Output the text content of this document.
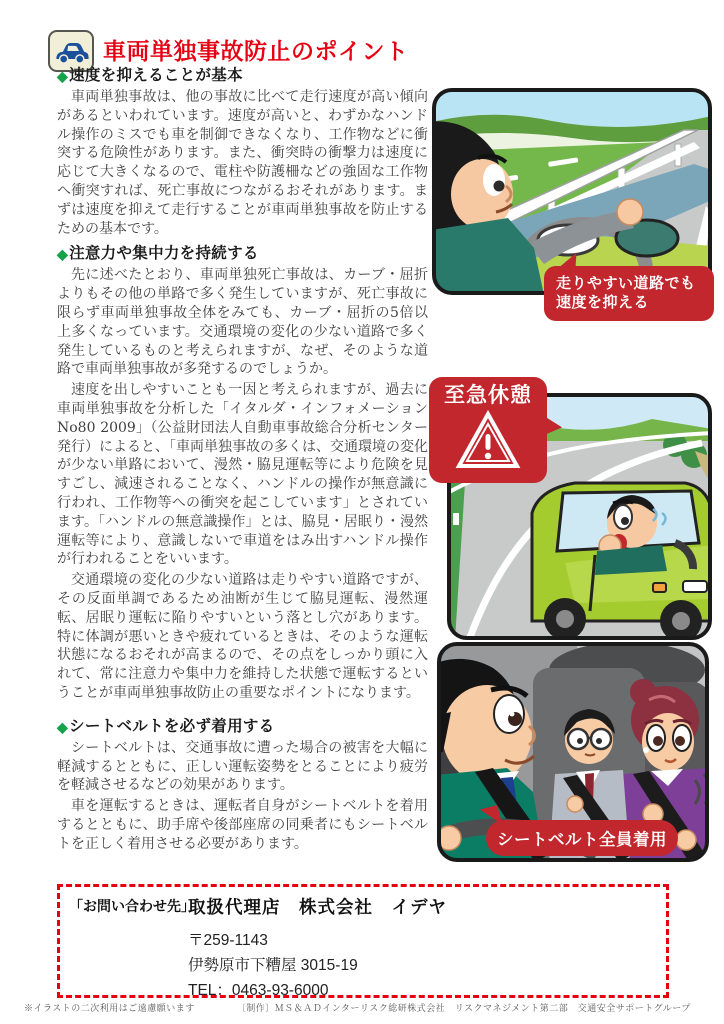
車両単独事故防止のポイント
◆ 速度を抑えることが基本

車両単独事故は、他の事故に比べて走行速度が高い傾向があるといわれています。速度が高いと、わずかなハンドル操作のミスでも車を制御できなくなり、工作物などに衝突する危険性があります。また、衝突時の衝撃力は速度に応じて大きくなるので、電柱や防護柵などの強固な工作物へ衝突すれば、死亡事故につながるおそれがあります。まずは速度を抑えて走行することが車両単独事故を防止するための基本です。

◆ 注意力や集中力を持続する

先に述べたとおり、車両単独死亡事故は、カーブ・屈折よりもその他の単路で多く発生していますが、死亡事故に限らず車両単独事故全体をみても、カーブ・屈折の5倍以上多くなっています。交通環境の変化の少ない道路で多く発生しているものと考えられますが、なぜ、そのような道路で車両単独事故が多発するのでしょうか。

速度を出しやすいことも一因と考えられますが、過去に車両単独事故を分析した「イタルダ・インフォメーションNo80 2009」（公益財団法人自動車事故総合分析センター発行）によると、「車両単独事故の多くは、交通環境の変化が少ない単路において、漫然・脇見運転等により危険を見すごし、減速されることなく、ハンドルの操作が無意識に行われ、工作物等への衝突を起こしています」とされています。「ハンドルの無意識操作」とは、脇見・居眠り・漫然運転等により、意識しないで車道をはみ出すハンドル操作が行われることをいいます。

交通環境の変化の少ない道路は走りやすい道路ですが、その反面単調であるため油断が生じて脇見運転、漫然運転、居眠り運転に陥りやすいという落とし穴があります。特に体調が悪いときや疲れているときは、そのような運転状態になるおそれが高まるので、その点をしっかり頭に入れて、常に注意力や集中力を維持した状態で運転するということが車両単独事故防止の重要なポイントになります。

◆ シートベルトを必ず着用する

シートベルトは、交通事故に遭った場合の被害を大幅に軽減するとともに、正しい運転姿勢をとることにより疲労を軽減させるなどの効果があります。

車を運転するときは、運転者自身がシートベルトを着用するとともに、助手席や後部座席の同乗者にもシートベルトを正しく着用させる必要があります。

走りやすい道路でも
速度を抑える
至急休憩
シートベルト全員着用
「お問い合わせ先」
取扱代理店　株式会社　イデヤ
〒259-1143
伊勢原市下糟屋 3015-19
TEL：0463-93-6000
※イラストの二次利用はご遠慮願います	〔制作〕ＭＳ＆ＡＤインターリスク総研株式会社　リスクマネジメント第二部　交通安全サポートグループ
